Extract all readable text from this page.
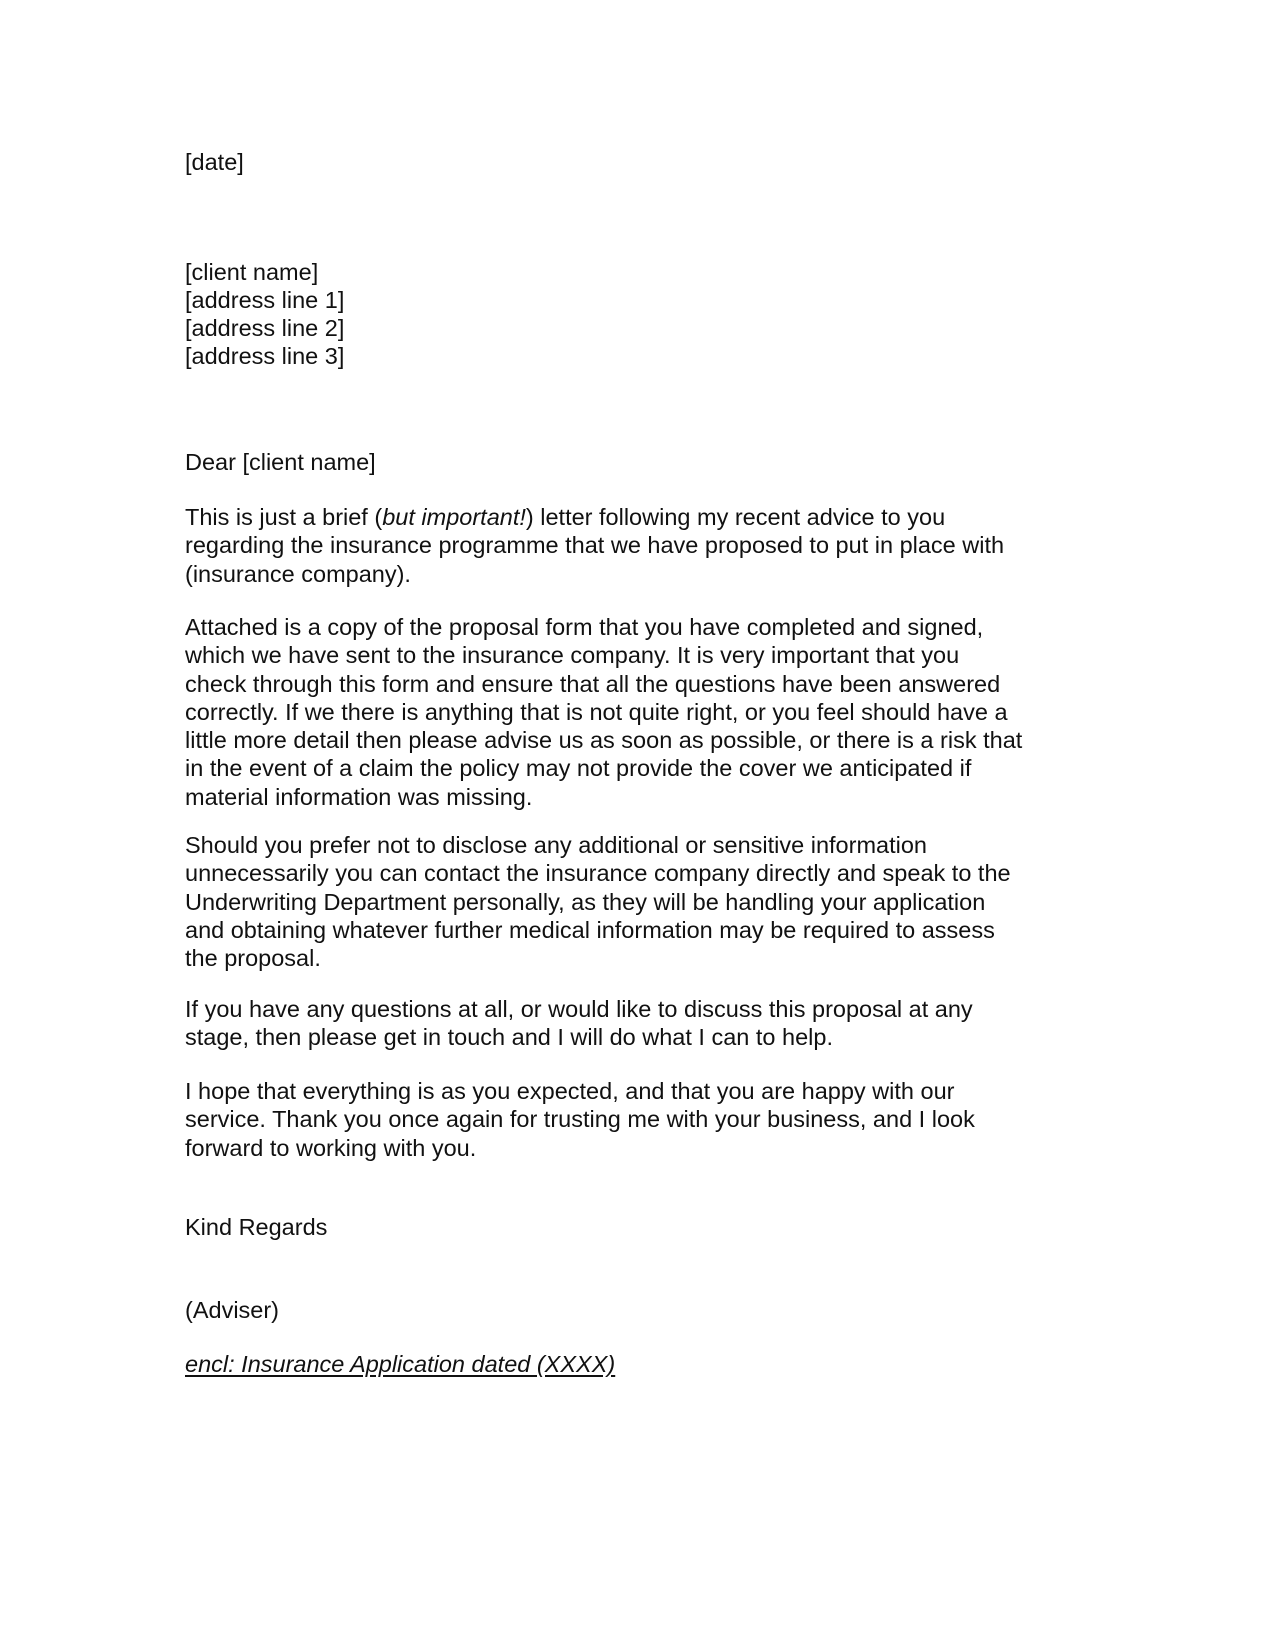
[date]

[client name]
[address line 1]
[address line 2]
[address line 3]

Dear [client name]

This is just a brief (but important!) letter following my recent advice to you
regarding the insurance programme that we have proposed to put in place with
(insurance company).
Attached is a copy of the proposal form that you have completed and signed,
which we have sent to the insurance company. It is very important that you
check through this form and ensure that all the questions have been answered
correctly. If we there is anything that is not quite right, or you feel should have a
little more detail then please advise us as soon as possible, or there is a risk that
in the event of a claim the policy may not provide the cover we anticipated if
material information was missing.
Should you prefer not to disclose any additional or sensitive information
unnecessarily you can contact the insurance company directly and speak to the
Underwriting Department personally, as they will be handling your application
and obtaining whatever further medical information may be required to assess
the proposal.
If you have any questions at all, or would like to discuss this proposal at any
stage, then please get in touch and I will do what I can to help.
I hope that everything is as you expected, and that you are happy with our
service. Thank you once again for trusting me with your business, and I look
forward to working with you.

Kind Regards

(Adviser)

encl: Insurance Application dated (XXXX)
